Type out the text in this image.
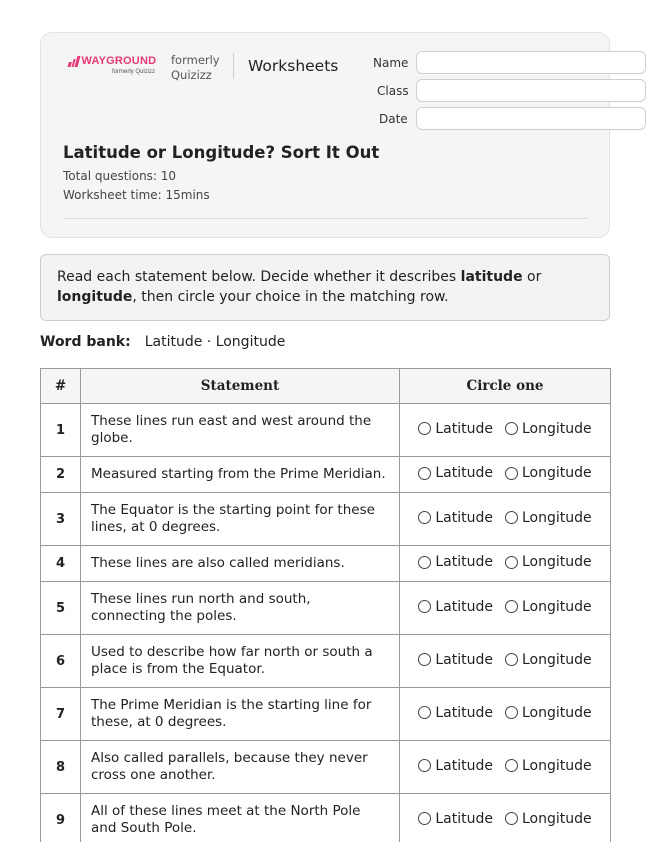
WAYGROUND
formerly Quizizz
formerly Quizizz	Worksheets	Name
Class
Date
Latitude or Longitude? Sort It Out
Total questions: 10
Worksheet time: 15mins
Read each statement below. Decide whether it describes latitude or longitude, then circle your choice in the matching row.
Word bank: Latitude · Longitude
#	Statement	Circle one
1	These lines run east and west around the globe.	Latitude Longitude

2	Measured starting from the Prime Meridian.	Latitude Longitude

3	The Equator is the starting point for these lines, at 0 degrees.	Latitude Longitude

4	These lines are also called meridians.	Latitude Longitude

5	These lines run north and south, connecting the poles.	Latitude Longitude

6	Used to describe how far north or south a place is from the Equator.	Latitude Longitude

7	The Prime Meridian is the starting line for these, at 0 degrees.	Latitude Longitude

8	Also called parallels, because they never cross one another.	Latitude Longitude

9	All of these lines meet at the North Pole and South Pole.	Latitude Longitude
